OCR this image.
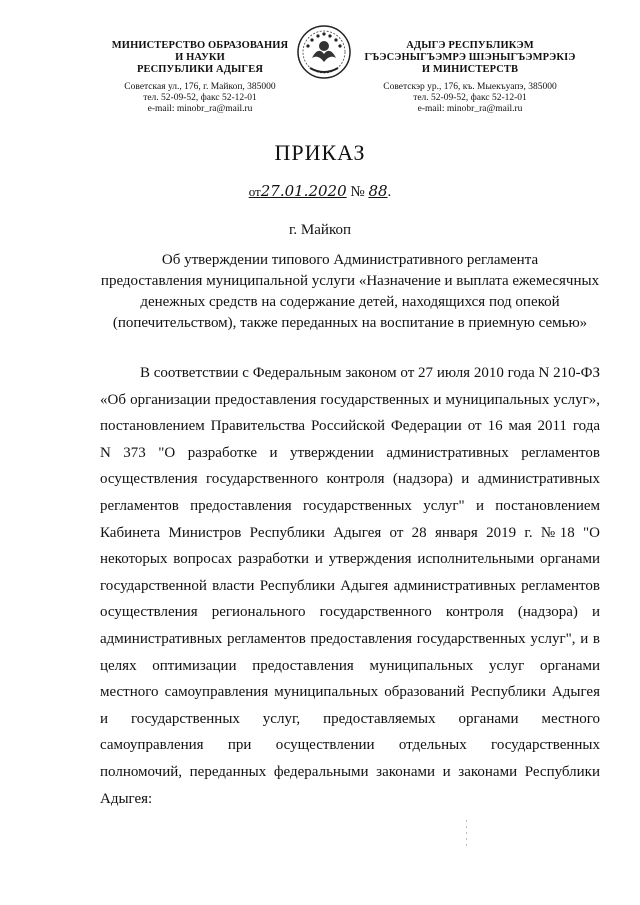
МИНИСТЕРСТВО ОБРАЗОВАНИЯ
И НАУКИ
РЕСПУБЛИКИ АДЫГЕЯ
Советская ул., 176, г. Майкоп, 385000
тел. 52-09-52, факс 52-12-01
e-mail: minobr_ra@mail.ru
АДЫГЭ РЕСПУБЛИКЭМ
ГЪЭСЭНЫГЪЭМРЭ ШIЭНЫГЪЭМРЭКIЭ
И МИНИСТЕРСТВ
Советскэр ур., 176, къ. Мыекъуапэ, 385000
тел. 52-09-52, факс 52-12-01
e-mail: minobr_ra@mail.ru
ПРИКАЗ
от27.01.2020 № 88.
г. Майкоп
Об утверждении типового Административного регламента
предоставления муниципальной услуги «Назначение и выплата ежемесячных
денежных средств на содержание детей, находящихся под опекой
(попечительством), также переданных на воспитание в приемную семью»
В соответствии с Федеральным законом от 27 июля 2010 года N 210-ФЗ
«Об организации предоставления государственных и муниципальных услуг»,
постановлением Правительства Российской Федерации от 16 мая 2011 года
N 373 "О разработке и утверждении административных регламентов
осуществления государственного контроля (надзора) и административных
регламентов предоставления государственных услуг" и постановлением
Кабинета Министров Республики Адыгея от 28 января 2019 г. №18 "О
некоторых вопросах разработки и утверждения исполнительными органами
государственной власти Республики Адыгея административных регламентов
осуществления регионального государственного контроля (надзора) и
административных регламентов предоставления государственных услуг", и в
целях оптимизации предоставления муниципальных услуг органами
местного самоуправления муниципальных образований Республики Адыгея
и государственных услуг, предоставляемых органами местного
самоуправления при осуществлении отдельных государственных
полномочий, переданных федеральными законами и законами Республики
Адыгея:
